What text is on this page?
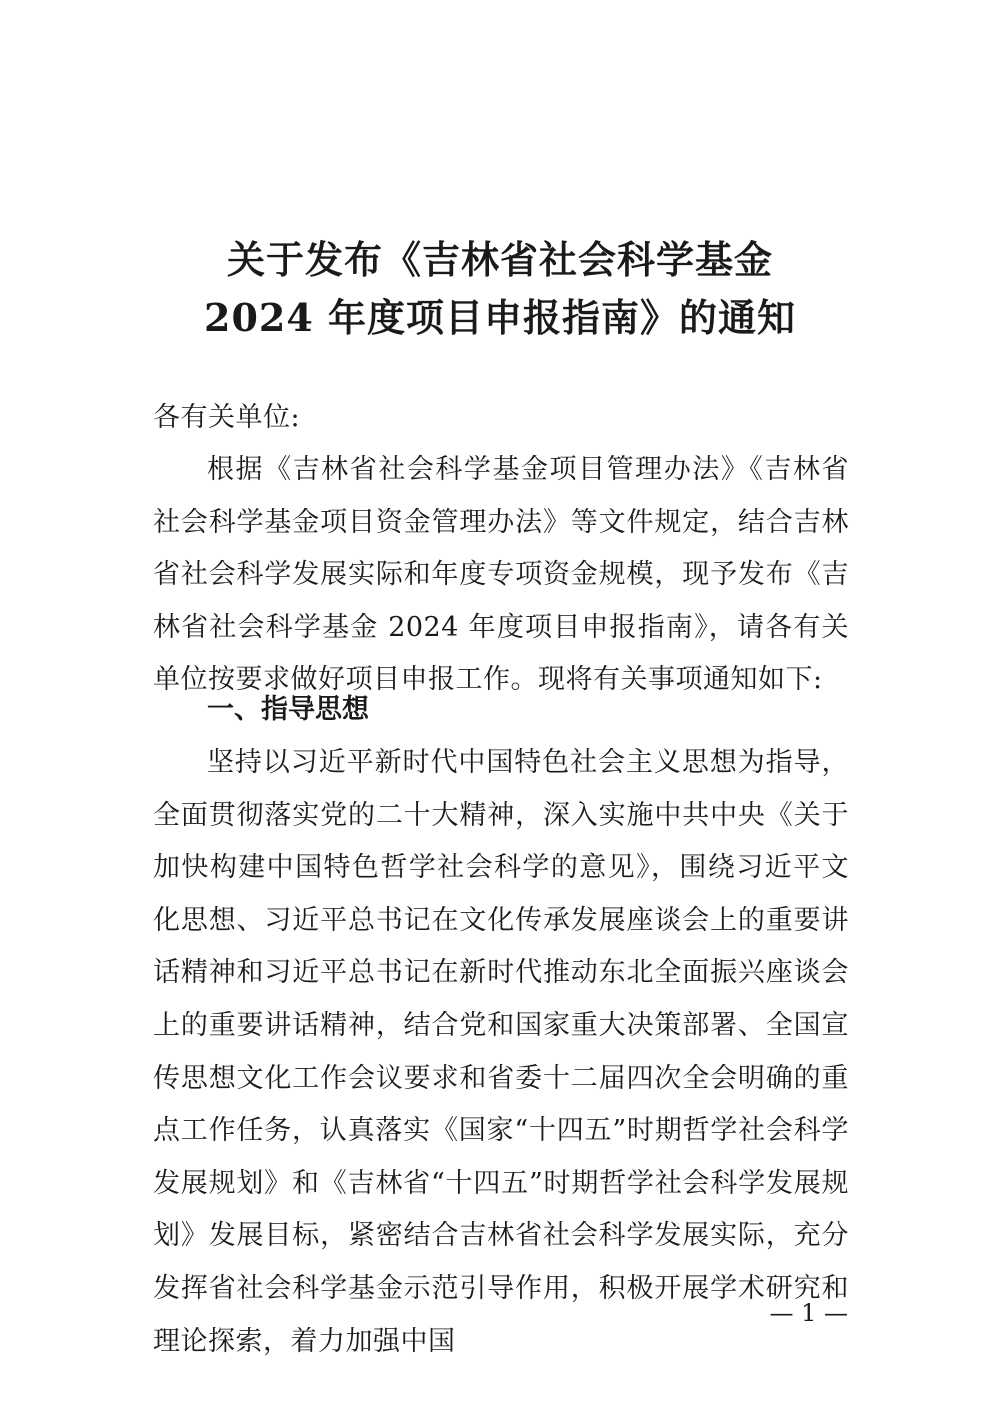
关于发布《吉林省社会科学基金
2024 年度项目申报指南》的通知

各有关单位:

根据《吉林省社会科学基金项目管理办法》《吉林省社会科学基金项目资金管理办法》等文件规定，结合吉林省社会科学发展实际和年度专项资金规模，现予发布《吉林省社会科学基金 2024 年度项目申报指南》，请各有关单位按要求做好项目申报工作。现将有关事项通知如下:

一、指导思想

坚持以习近平新时代中国特色社会主义思想为指导，全面贯彻落实党的二十大精神，深入实施中共中央《关于加快构建中国特色哲学社会科学的意见》，围绕习近平文化思想、习近平总书记在文化传承发展座谈会上的重要讲话精神和习近平总书记在新时代推动东北全面振兴座谈会上的重要讲话精神，结合党和国家重大决策部署、全国宣传思想文化工作会议要求和省委十二届四次全会明确的重点工作任务，认真落实《国家“十四五”时期哲学社会科学发展规划》和《吉林省“十四五”时期哲学社会科学发展规划》发展目标，紧密结合吉林省社会科学发展实际，充分发挥省社会科学基金示范引导作用，积极开展学术研究和理论探索，着力加强中国

— 1 —
